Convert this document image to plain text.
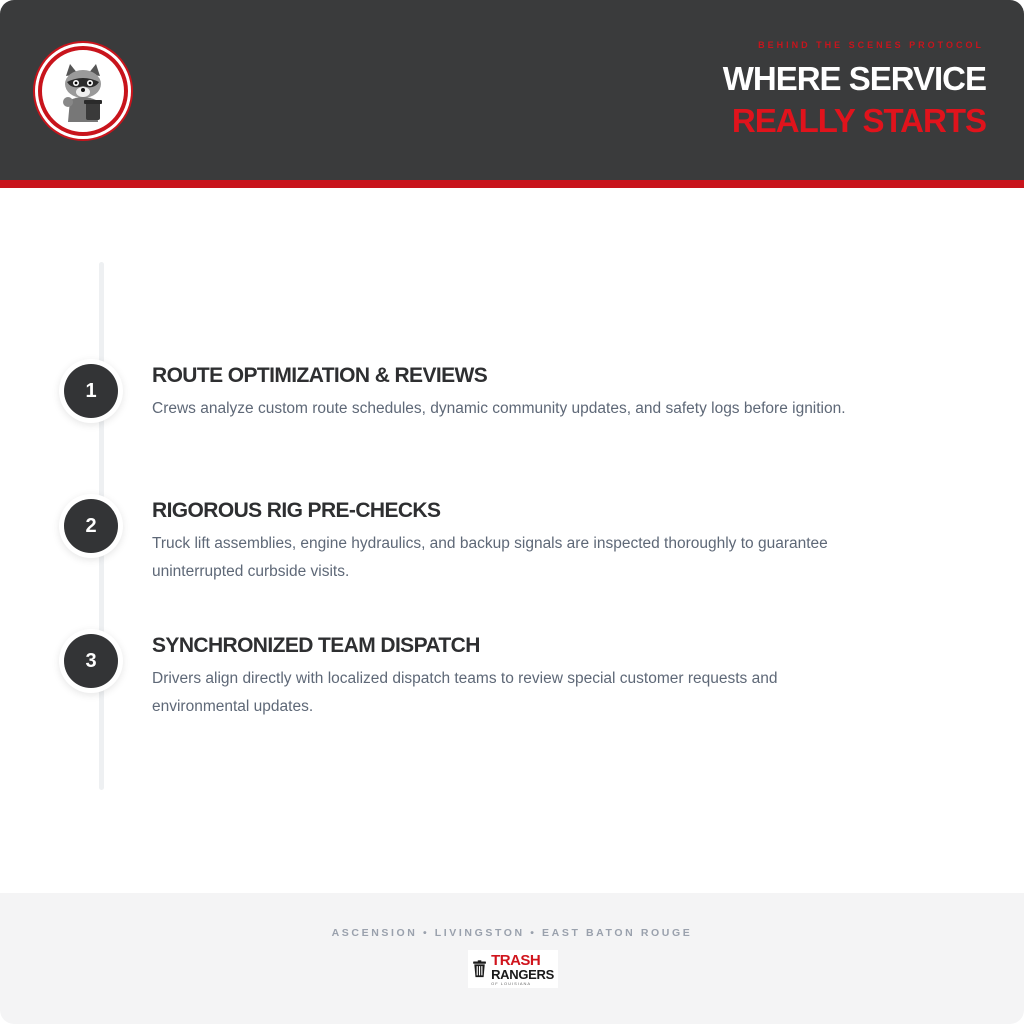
BEHIND THE SCENES PROTOCOL
WHERE SERVICE
REALLY STARTS
1
ROUTE OPTIMIZATION & REVIEWS
Crews analyze custom route schedules, dynamic community updates, and safety logs before ignition.
2
RIGOROUS RIG PRE-CHECKS
Truck lift assemblies, engine hydraulics, and backup signals are inspected thoroughly to guarantee uninterrupted curbside visits.
3
SYNCHRONIZED TEAM DISPATCH
Drivers align directly with localized dispatch teams to review special customer requests and environmental updates.
ASCENSION • LIVINGSTON • EAST BATON ROUGE
TRASH
RANGERS
OF LOUISIANA
